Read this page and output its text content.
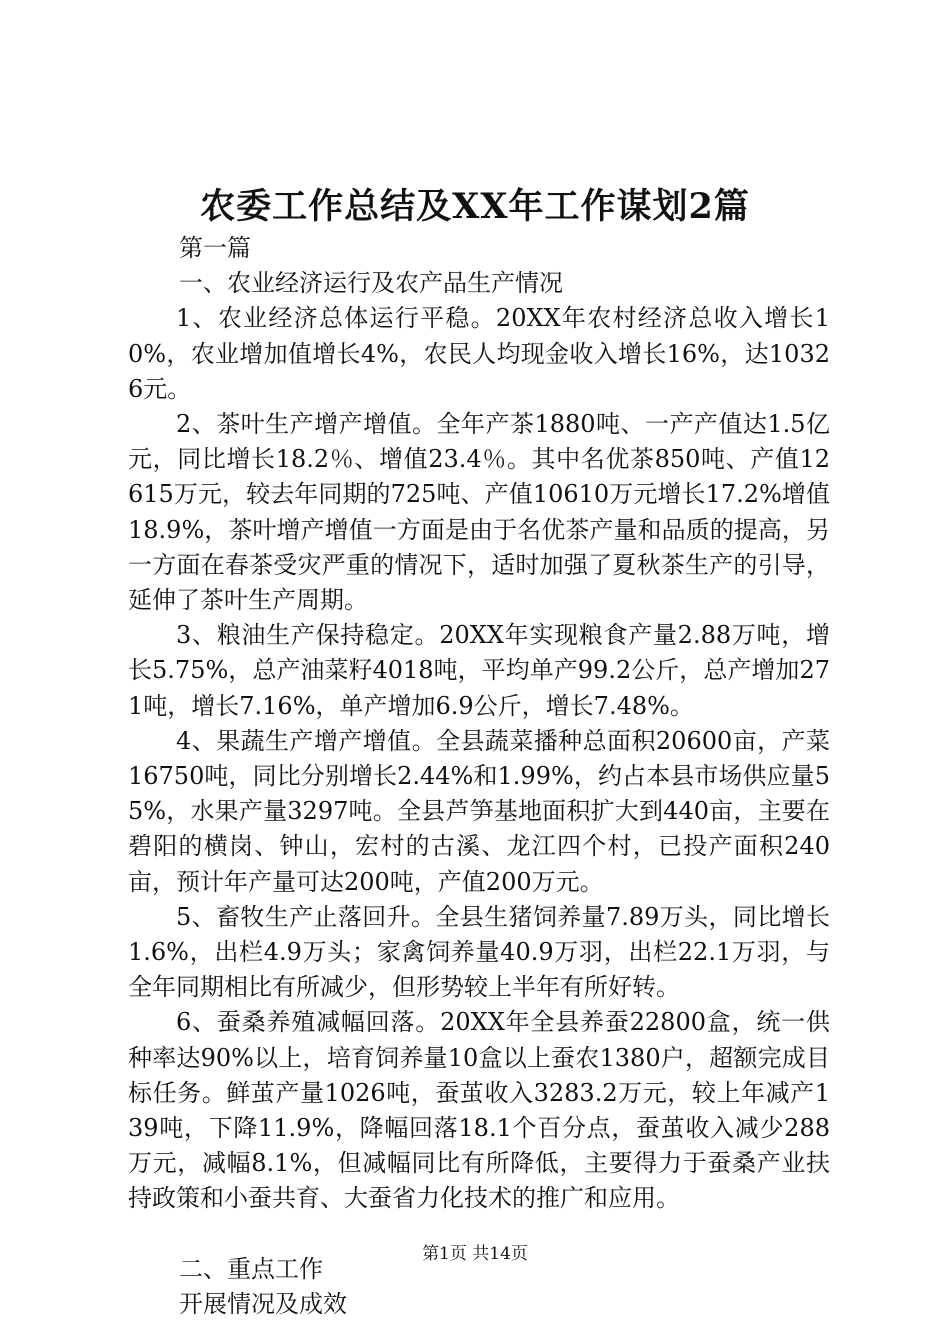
农委工作总结及XX年工作谋划2篇

第一篇

一、农业经济运行及农产品生产情况

1、农业经济总体运行平稳。20XX年农村经济总收入增长10%，农业增加值增长4%，农民人均现金收入增长16%，达10326元。

2、茶叶生产增产增值。全年产茶1880吨、一产产值达1.5亿元，同比增长18.2％、增值23.4％。其中名优茶850吨、产值12615万元，较去年同期的725吨、产值10610万元增长17.2%增值18.9%，茶叶增产增值一方面是由于名优茶产量和品质的提高，另一方面在春茶受灾严重的情况下，适时加强了夏秋茶生产的引导，延伸了茶叶生产周期。

3、粮油生产保持稳定。20XX年实现粮食产量2.88万吨，增长5.75%，总产油菜籽4018吨，平均单产99.2公斤，总产增加271吨，增长7.16%，单产增加6.9公斤，增长7.48%。

4、果蔬生产增产增值。全县蔬菜播种总面积20600亩，产菜16750吨，同比分别增长2.44%和1.99%，约占本县市场供应量55%，水果产量3297吨。全县芦笋基地面积扩大到440亩，主要在碧阳的横岗、钟山，宏村的古溪、龙江四个村，已投产面积240亩，预计年产量可达200吨，产值200万元。

5、畜牧生产止落回升。全县生猪饲养量7.89万头，同比增长1.6%，出栏4.9万头；家禽饲养量40.9万羽，出栏22.1万羽，与全年同期相比有所减少，但形势较上半年有所好转。

6、蚕桑养殖减幅回落。20XX年全县养蚕22800盒，统一供种率达90%以上，培育饲养量10盒以上蚕农1380户，超额完成目标任务。鲜茧产量1026吨，蚕茧收入3283.2万元，较上年减产139吨，下降11.9%，降幅回落18.1个百分点，蚕茧收入减少288万元，减幅8.1%，但减幅同比有所降低，主要得力于蚕桑产业扶持政策和小蚕共育、大蚕省力化技术的推广和应用。

二、重点工作

开展情况及成效

第1页 共14页
